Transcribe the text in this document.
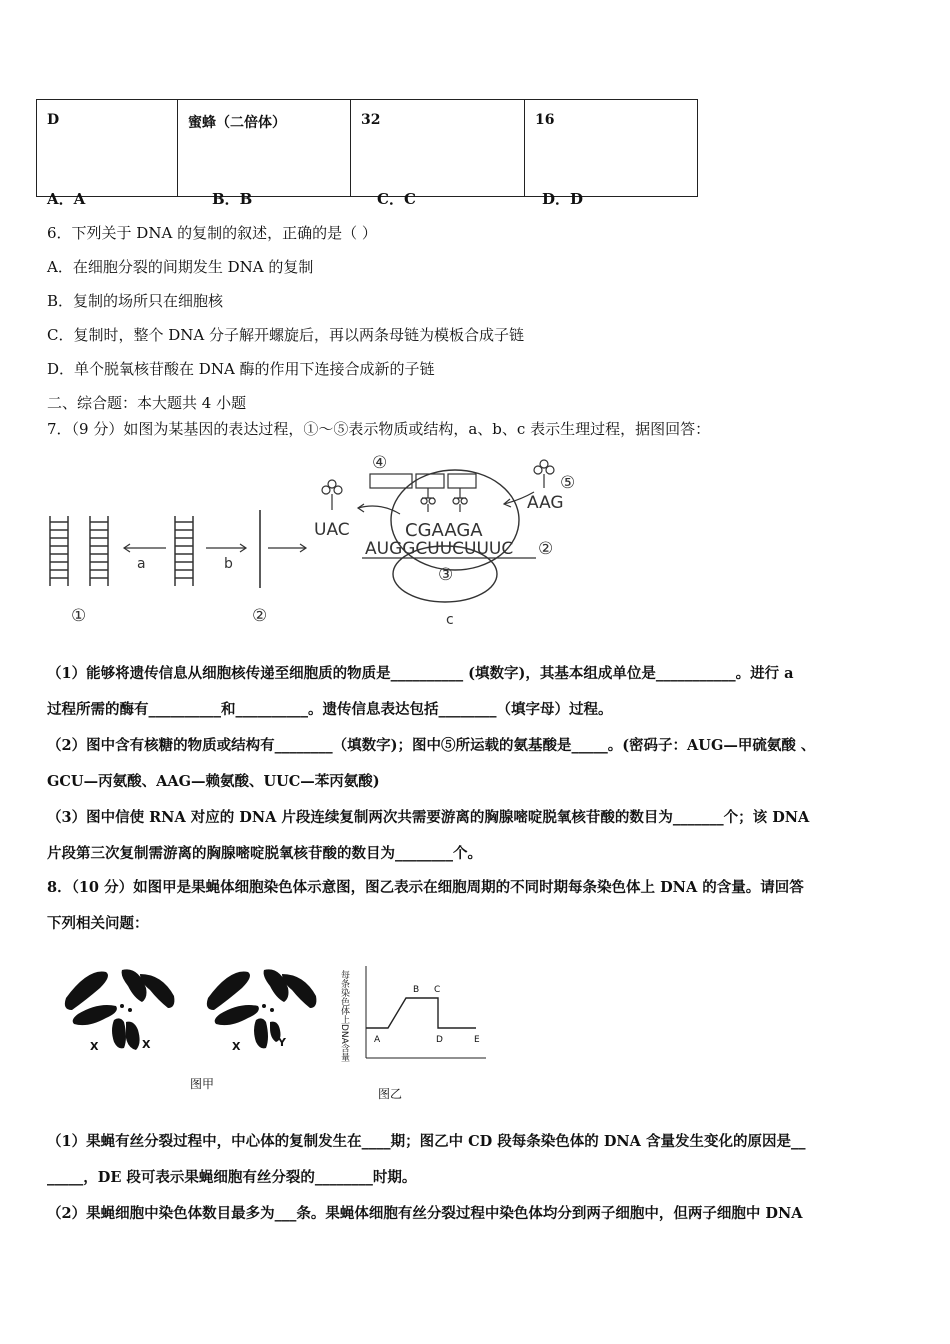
D	蜜蜂（二倍体）	32	16
A．A	B．B	C．C	D．D
6．下列关于 DNA 的复制的叙述，正确的是（ ）
A．在细胞分裂的间期发生 DNA 的复制
B．复制的场所只在细胞核
C．复制时，整个 DNA 分子解开螺旋后，再以两条母链为模板合成子链
D．单个脱氧核苷酸在 DNA 酶的作用下连接合成新的子链
二、综合题：本大题共 4 小题
7．（9 分）如图为某基因的表达过程，①～⑤表示物质或结构，a、b、c 表示生理过程，据图回答：
a	b
UAC
AAG
CGAAGA
AUGGCUUCUUUC
①	②
②
③
④
⑤
c
（1）能够将遗传信息从细胞核传递至细胞质的物质是__________ (填数字)，其基本组成单位是___________。进行 a
过程所需的酶有__________和__________。遗传信息表达包括________（填字母）过程。
（2）图中含有核糖的物质或结构有________（填数字)；图中⑤所运载的氨基酸是_____。(密码子：AUG—甲硫氨酸 、
GCU—丙氨酸、AAG—赖氨酸、UUC—苯丙氨酸)
（3）图中信使 RNA 对应的 DNA 片段连续复制两次共需要游离的胸腺嘧啶脱氧核苷酸的数目为_______个；该 DNA
片段第三次复制需游离的胸腺嘧啶脱氧核苷酸的数目为________个。
8．（10 分）如图甲是果蝇体细胞染色体示意图，图乙表示在细胞周期的不同时期每条染色体上 DNA 的含量。请回答
下列相关问题：
X	X	X	Y
图甲
每条染色体上DNA含量	A
B C
D	E
图乙
（1）果蝇有丝分裂过程中，中心体的复制发生在____期；图乙中 CD 段每条染色体的 DNA 含量发生变化的原因是__
_____，DE 段可表示果蝇细胞有丝分裂的________时期。
（2）果蝇细胞中染色体数目最多为___条。果蝇体细胞有丝分裂过程中染色体均分到两子细胞中，但两子细胞中 DNA
